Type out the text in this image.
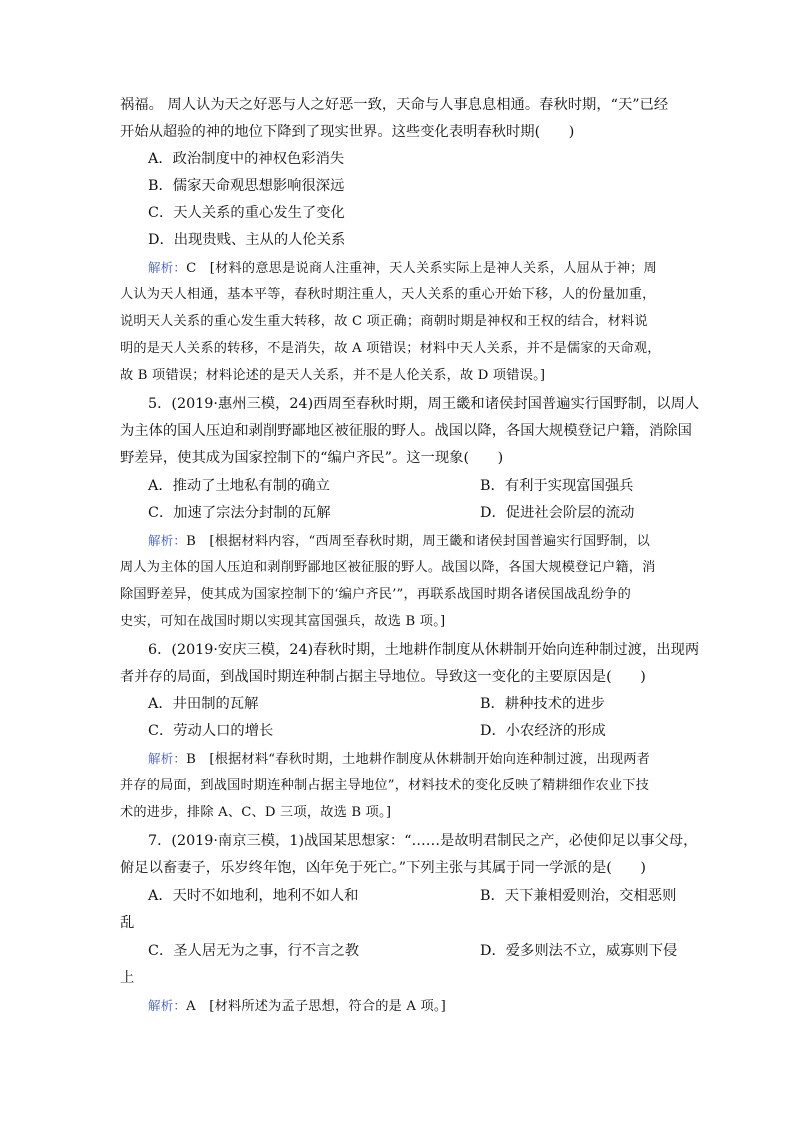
祸福。 周人认为天之好恶与人之好恶一致，天命与人事息息相通。春秋时期，“天”已经
开始从超验的神的地位下降到了现实世界。这些变化表明春秋时期(　　)
A．政治制度中的神权色彩消失
B．儒家天命观思想影响很深远
C．天人关系的重心发生了变化
D．出现贵贱、主从的人伦关系
解析：C　[材料的意思是说商人注重神，天人关系实际上是神人关系，人屈从于神；周
人认为天人相通，基本平等，春秋时期注重人，天人关系的重心开始下移，人的份量加重，
说明天人关系的重心发生重大转移，故 C 项正确；商朝时期是神权和王权的结合，材料说
明的是天人关系的转移，不是消失，故 A 项错误；材料中天人关系，并不是儒家的天命观，
故 B 项错误；材料论述的是天人关系，并不是人伦关系，故 D 项错误。]
5．(2019·惠州三模，24)西周至春秋时期，周王畿和诸侯封国普遍实行国野制，以周人
为主体的国人压迫和剥削野鄙地区被征服的野人。战国以降，各国大规模登记户籍，消除国
野差异，使其成为国家控制下的“编户齐民”。这一现象(　　)
A．推动了土地私有制的确立	B．有利于实现富国强兵
C．加速了宗法分封制的瓦解	D．促进社会阶层的流动
解析：B　[根据材料内容，“西周至春秋时期，周王畿和诸侯封国普遍实行国野制，以
周人为主体的国人压迫和剥削野鄙地区被征服的野人。战国以降，各国大规模登记户籍，消
除国野差异，使其成为国家控制下的‘编户齐民’”，再联系战国时期各诸侯国战乱纷争的
史实，可知在战国时期以实现其富国强兵，故选 B 项。]
6．(2019·安庆三模，24)春秋时期，土地耕作制度从休耕制开始向连种制过渡，出现两
者并存的局面，到战国时期连种制占据主导地位。导致这一变化的主要原因是(　　)
A．井田制的瓦解	B．耕种技术的进步
C．劳动人口的增长	D．小农经济的形成
解析：B　[根据材料“春秋时期，土地耕作制度从休耕制开始向连种制过渡，出现两者
并存的局面，到战国时期连种制占据主导地位”，材料技术的变化反映了精耕细作农业下技
术的进步，排除 A、C、D 三项，故选 B 项。]
7．(2019·南京三模，1)战国某思想家：“……是故明君制民之产，必使仰足以事父母，
俯足以畜妻子，乐岁终年饱，凶年免于死亡。”下列主张与其属于同一学派的是(　　)
A．天时不如地利，地利不如人和	B．天下兼相爱则治，交相恶则
乱
C．圣人居无为之事，行不言之教	D．爱多则法不立，威寡则下侵
上
解析：A　[材料所述为孟子思想，符合的是 A 项。]
